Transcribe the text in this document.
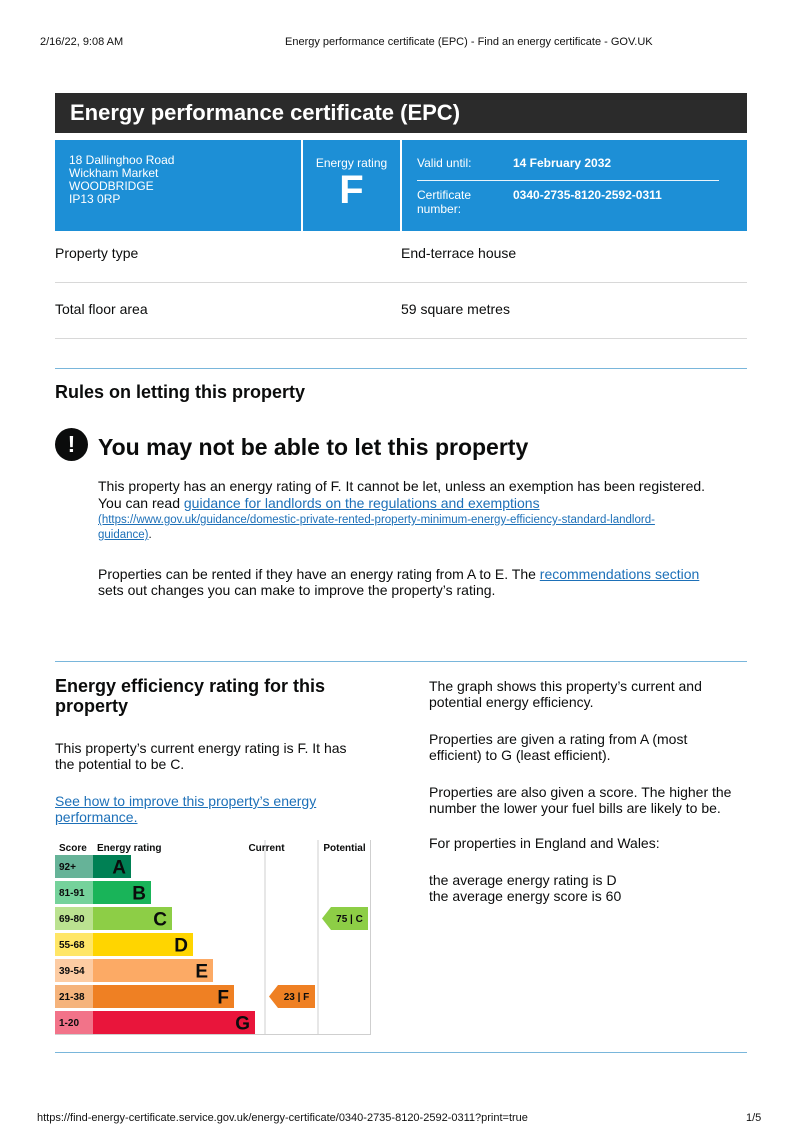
2/16/22, 9:08 AM	Energy performance certificate (EPC) - Find an energy certificate - GOV.UK
Energy performance certificate (EPC)
18 Dallinghoo Road
Wickham Market
WOODBRIDGE
IP13 0RP
Energy rating
F
Valid until:	14 February 2032
Certificate
number:
0340-2735-8120-2592-0311
Property type	End-terrace house
Total floor area	59 square metres
Rules on letting this property
! You may not be able to let this property
This property has an energy rating of F. It cannot be let, unless an exemption has been registered.
You can read guidance for landlords on the regulations and exemptions
(https://www.gov.uk/guidance/domestic-private-rented-property-minimum-energy-efficiency-standard-landlord-
guidance).
Properties can be rented if they have an energy rating from A to E. The recommendations section
sets out changes you can make to improve the property’s rating.
Energy efficiency rating for this
property
This property’s current energy rating is F. It has
the potential to be C.
See how to improve this property’s energy
performance.
The graph shows this property’s current and
potential energy efficiency.
Properties are given a rating from A (most
efficient) to G (least efficient).
Properties are also given a score. The higher the
number the lower your fuel bills are likely to be.
For properties in England and Wales:
the average energy rating is D
the average energy score is 60
Score Energy rating	Current	Potential
92+ A
81-91	B
69-80	C
55-68	D
39-54	E
21-38	F
1-20	G
23 | F
75 | C
https://find-energy-certificate.service.gov.uk/energy-certificate/0340-2735-8120-2592-0311?print=true	1/5
